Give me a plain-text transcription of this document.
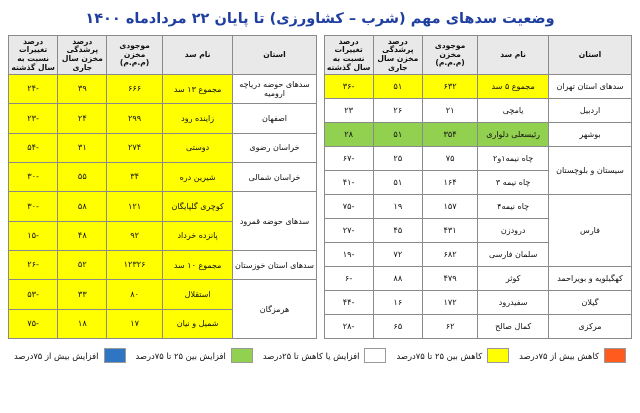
وضعیت سدهای مهم (شرب – کشاورزی) تا پایان ۲۲ مردادماه ۱۴۰۰
استان	نام سد	موجودی مخزن (م.م.م)	درصد پرشدگی مخزن سال جاری	درصد تغییرات نسبت به سال گذشته
سدهای استان تهران	مجموع ۵ سد	۶۳۲	۵۱	-۳۶
اردبیل	یامچی	۲۱	۲۶	۲۳
بوشهر	رئیسعلی دلواری	۳۵۴	۵۱	۲۸
سیستان و بلوچستان	چاه نیمه۱و۲	۷۵	۲۵	-۶۷
	چاه نیمه ۳	۱۶۴	۵۱	-۴۱
فارس	چاه نیمه۴	۱۵۷	۱۹	-۷۵
	درودزن	۴۳۱	۴۵	-۲۷
	سلمان فارسی	۶۸۲	۷۲	-۱۹
کهگیلویه و بویراحمد	کوثر	۴۷۹	۸۸	-۶
گیلان	سفیدرود	۱۷۲	۱۶	-۴۴
مرکزی	کمال صالح	۶۲	۶۵	-۲۸
استان	نام سد	موجودی مخزن (م.م.م)	درصد پرشدگی مخزن سال جاری	درصد تغییرات نسبت به سال گذشته
سدهای حوضه دریاچه ارومیه	مجموع ۱۳ سد	۶۶۶	۳۹	-۲۴
اصفهان	زاینده رود	۲۹۹	۲۴	-۲۳
خراسان رضوی	دوستی	۲۷۴	۳۱	-۵۴
خراسان شمالی	شیرین دره	۳۴	۵۵	-۳۰
سدهای حوضه قمرود	کوچری گلپایگان	۱۲۱	۵۸	-۳۰
	پانزده خرداد	۹۲	۴۸	-۱۵
سدهای استان خوزستان	مجموع ۱۰ سد	۱۲۳۲۶	۵۲	-۲۶
هرمزگان	استقلال	۸۰	۳۳	-۵۳
	شمیل و نیان	۱۷	۱۸	-۷۵
کاهش بیش از ۷۵درصد
کاهش بین ۲۵ تا ۷۵درصد
افزایش یا کاهش تا ۲۵درصد
افزایش بین ۲۵ تا ۷۵درصد
افزایش بیش از ۷۵درصد
